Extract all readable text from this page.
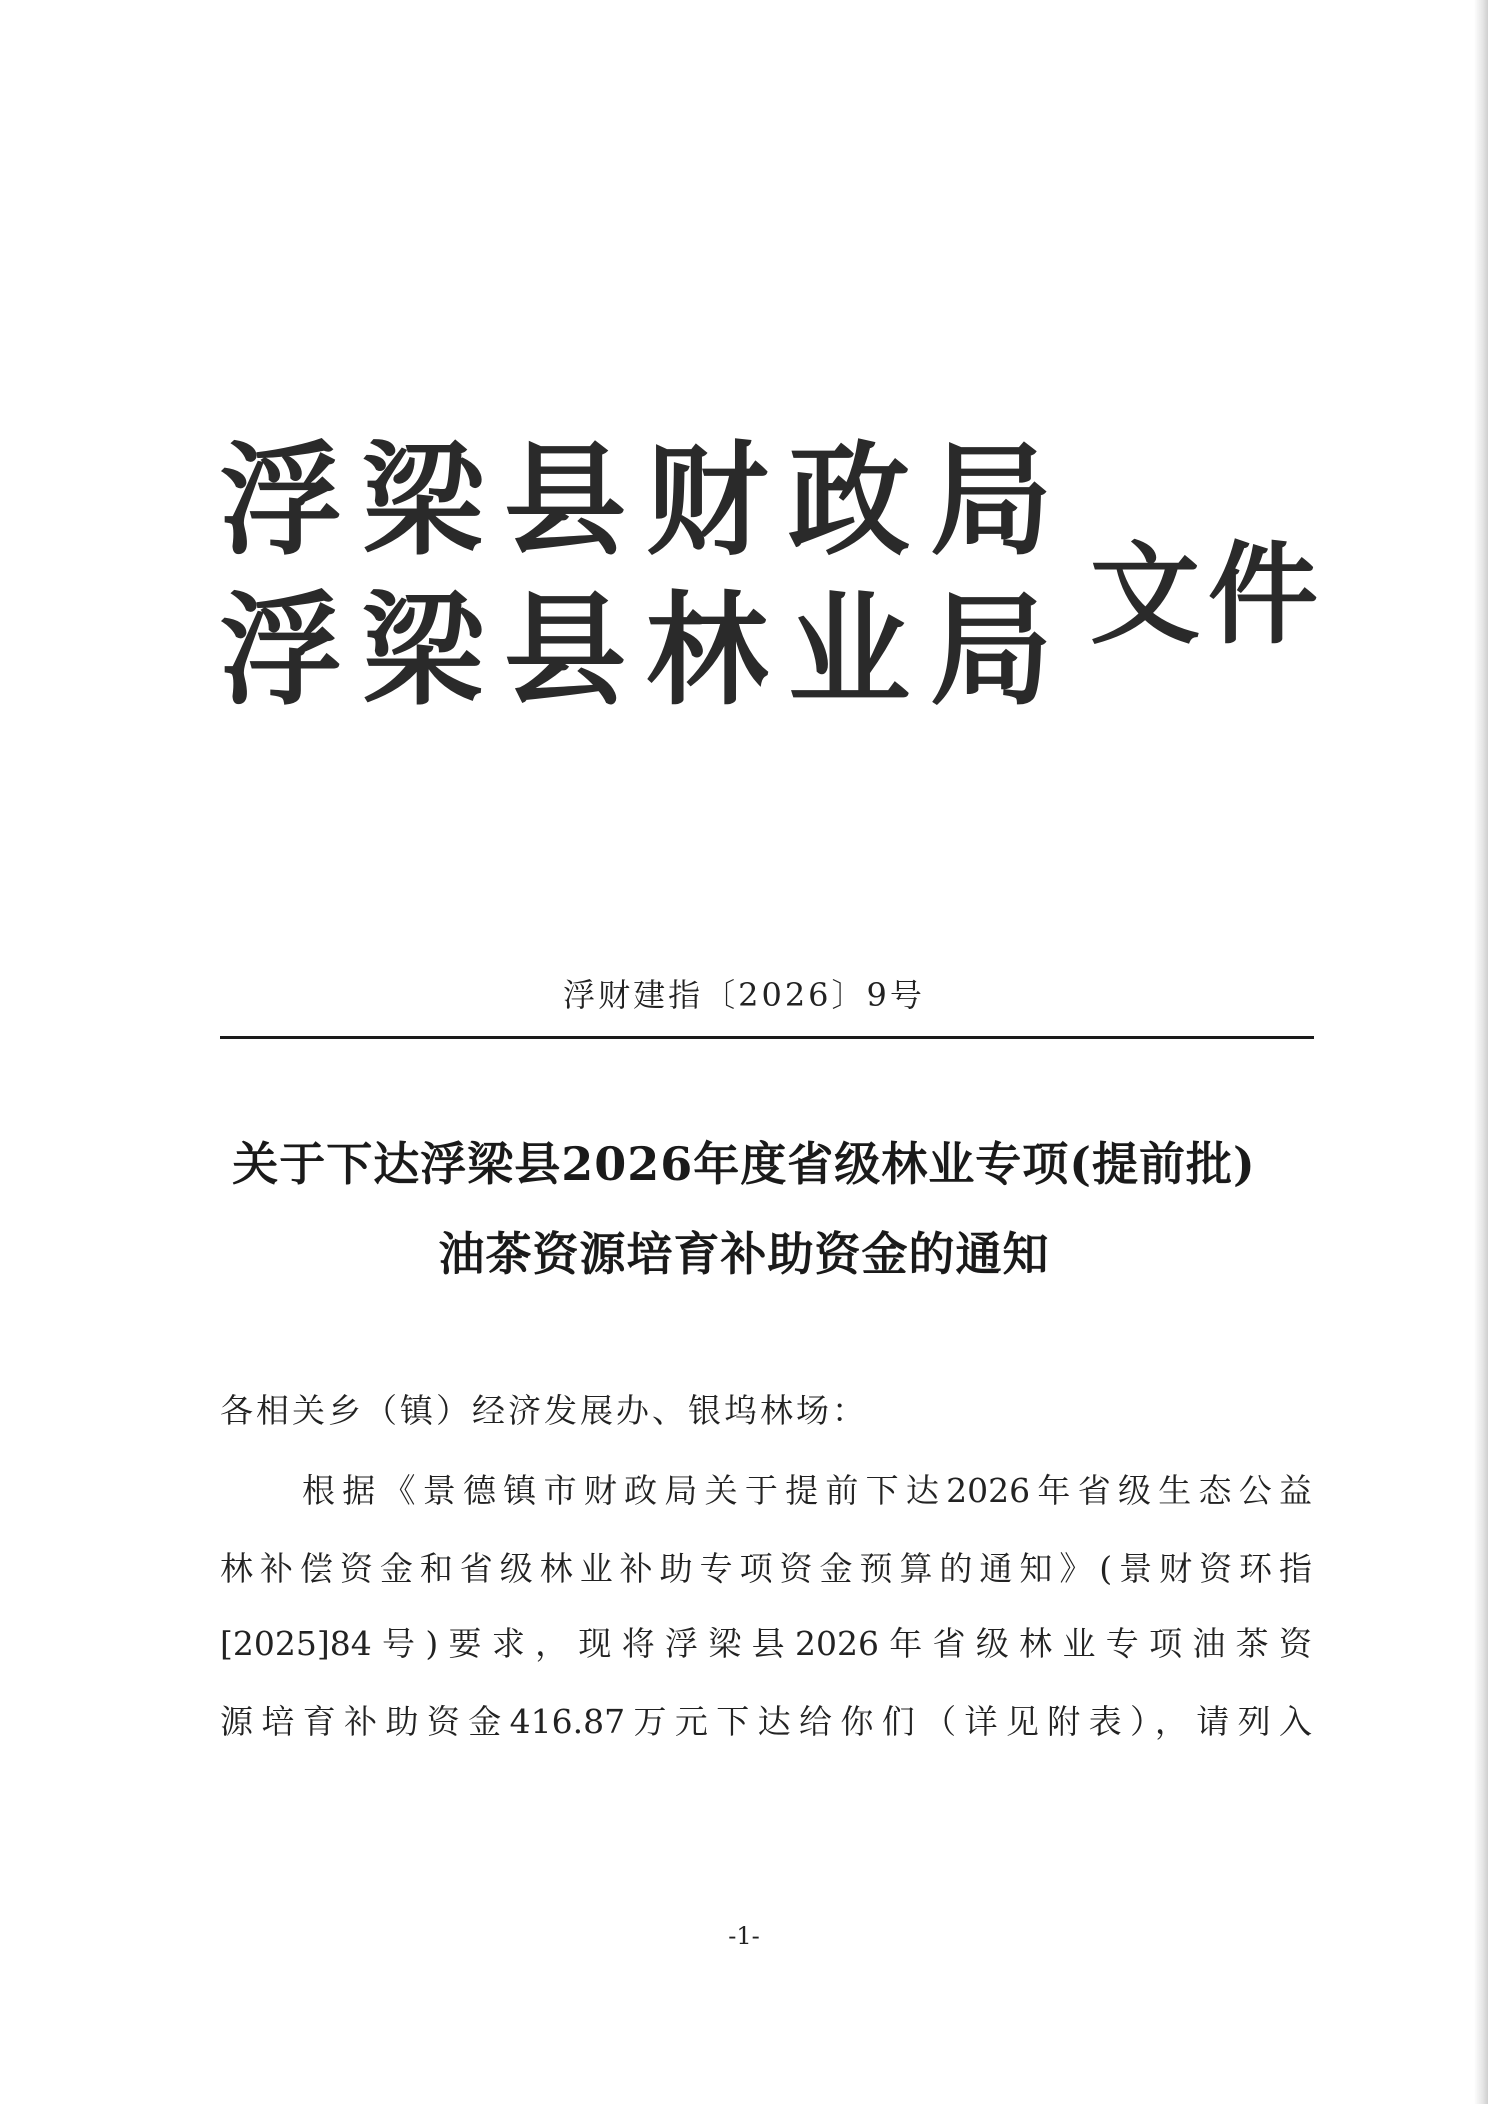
浮梁县财政局
浮梁县林业局 文件
浮财建指〔2026〕9号
关于下达浮梁县2026年度省级林业专项(提前批)
油茶资源培育补助资金的通知
各相关乡（镇）经济发展办、银坞林场：
根据《景德镇市财政局关于提前下达2026年省级生态公益
林补偿资金和省级林业补助专项资金预算的通知》(景财资环指
[2025]84号)要求，现将浮梁县2026年省级林业专项油茶资
源培育补助资金416.87万元下达给你们（详见附表），请列入
-1-
